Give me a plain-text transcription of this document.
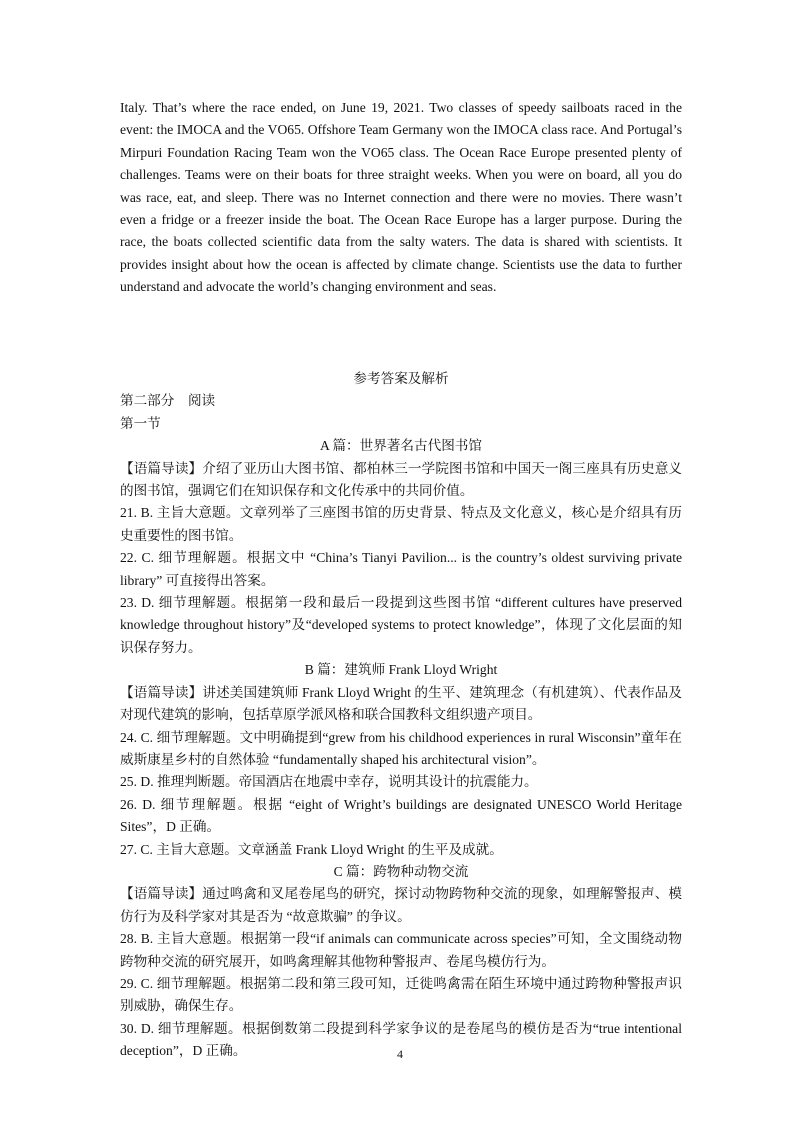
Italy. That’s where the race ended, on June 19, 2021. Two classes of speedy sailboats raced in the event: the IMOCA and the VO65. Offshore Team Germany won the IMOCA class race. And Portugal’s Mirpuri Foundation Racing Team won the VO65 class. The Ocean Race Europe presented plenty of challenges. Teams were on their boats for three straight weeks. When you were on board, all you do was race, eat, and sleep. There was no Internet connection and there were no movies. There wasn’t even a fridge or a freezer inside the boat. The Ocean Race Europe has a larger purpose. During the race, the boats collected scientific data from the salty waters. The data is shared with scientists. It provides insight about how the ocean is affected by climate change. Scientists use the data to further understand and advocate the world’s changing environment and seas.

参考答案及解析

第二部分　阅读

第一节

A 篇：世界著名古代图书馆

【语篇导读】介绍了亚历山大图书馆、都柏林三一学院图书馆和中国天一阁三座具有历史意义的图书馆，强调它们在知识保存和文化传承中的共同价值。

21. B. 主旨大意题。文章列举了三座图书馆的历史背景、特点及文化意义，核心是介绍具有历史重要性的图书馆。

22. C. 细节理解题。根据文中 “China’s Tianyi Pavilion... is the country’s oldest surviving private library” 可直接得出答案。

23. D. 细节理解题。根据第一段和最后一段提到这些图书馆 “different cultures have preserved knowledge throughout history”及“developed systems to protect knowledge”，体现了文化层面的知识保存努力。

B 篇：建筑师 Frank Lloyd Wright

【语篇导读】讲述美国建筑师 Frank Lloyd Wright 的生平、建筑理念（有机建筑）、代表作品及对现代建筑的影响，包括草原学派风格和联合国教科文组织遗产项目。

24. C. 细节理解题。文中明确提到“grew from his childhood experiences in rural Wisconsin”童年在威斯康星乡村的自然体验 “fundamentally shaped his architectural vision”。

25. D. 推理判断题。帝国酒店在地震中幸存，说明其设计的抗震能力。

26. D. 细节理解题。根据 “eight of Wright’s buildings are designated UNESCO World Heritage Sites”，D 正确。

27. C. 主旨大意题。文章涵盖 Frank Lloyd Wright 的生平及成就。

C 篇：跨物种动物交流

【语篇导读】通过鸣禽和叉尾卷尾鸟的研究，探讨动物跨物种交流的现象，如理解警报声、模仿行为及科学家对其是否为 “故意欺骗” 的争议。

28. B. 主旨大意题。根据第一段“if animals can communicate across species”可知，全文围绕动物跨物种交流的研究展开，如鸣禽理解其他物种警报声、卷尾鸟模仿行为。

29. C. 细节理解题。根据第二段和第三段可知，迁徙鸣禽需在陌生环境中通过跨物种警报声识别威胁，确保生存。

30. D. 细节理解题。根据倒数第二段提到科学家争议的是卷尾鸟的模仿是否为“true intentional deception”，D 正确。	4
